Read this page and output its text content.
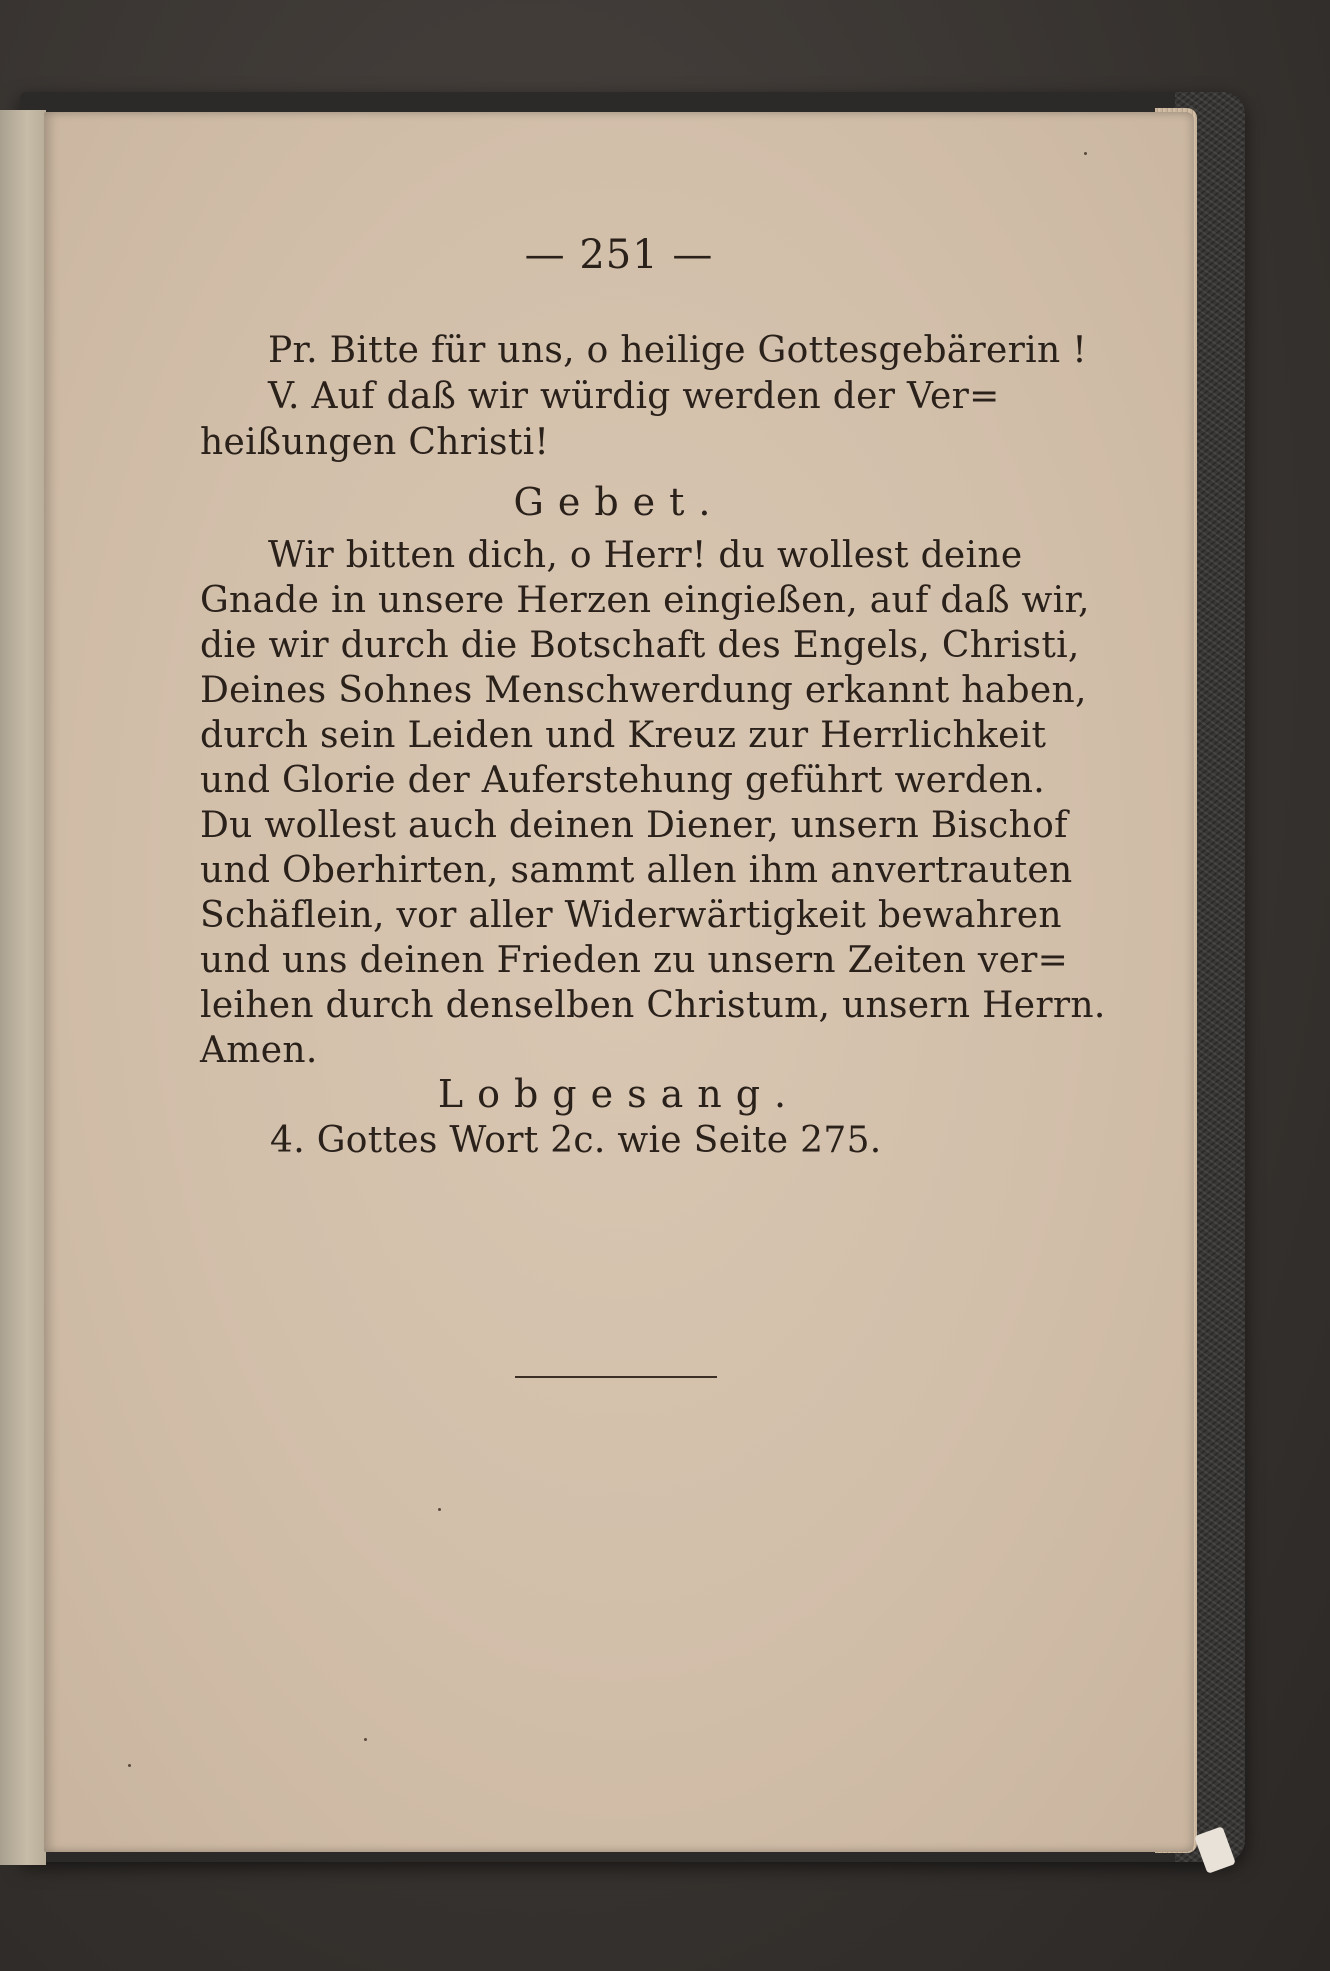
— 251 —
Pr. Bitte für uns, o heilige Gottesgebärerin !
V. Auf daß wir würdig werden der Ver=
heißungen Christi!
Gebet.
Wir bitten dich, o Herr! du wollest deine
Gnade in unsere Herzen eingießen, auf daß wir,
die wir durch die Botschaft des Engels, Christi,
Deines Sohnes Menschwerdung erkannt haben,
durch sein Leiden und Kreuz zur Herrlichkeit
und Glorie der Auferstehung geführt werden.
Du wollest auch deinen Diener, unsern Bischof
und Oberhirten, sammt allen ihm anvertrauten
Schäflein, vor aller Widerwärtigkeit bewahren
und uns deinen Frieden zu unsern Zeiten ver=
leihen durch denselben Christum, unsern Herrn.
Amen.
Lobgesang.
4. Gottes Wort 2c. wie Seite 275.
